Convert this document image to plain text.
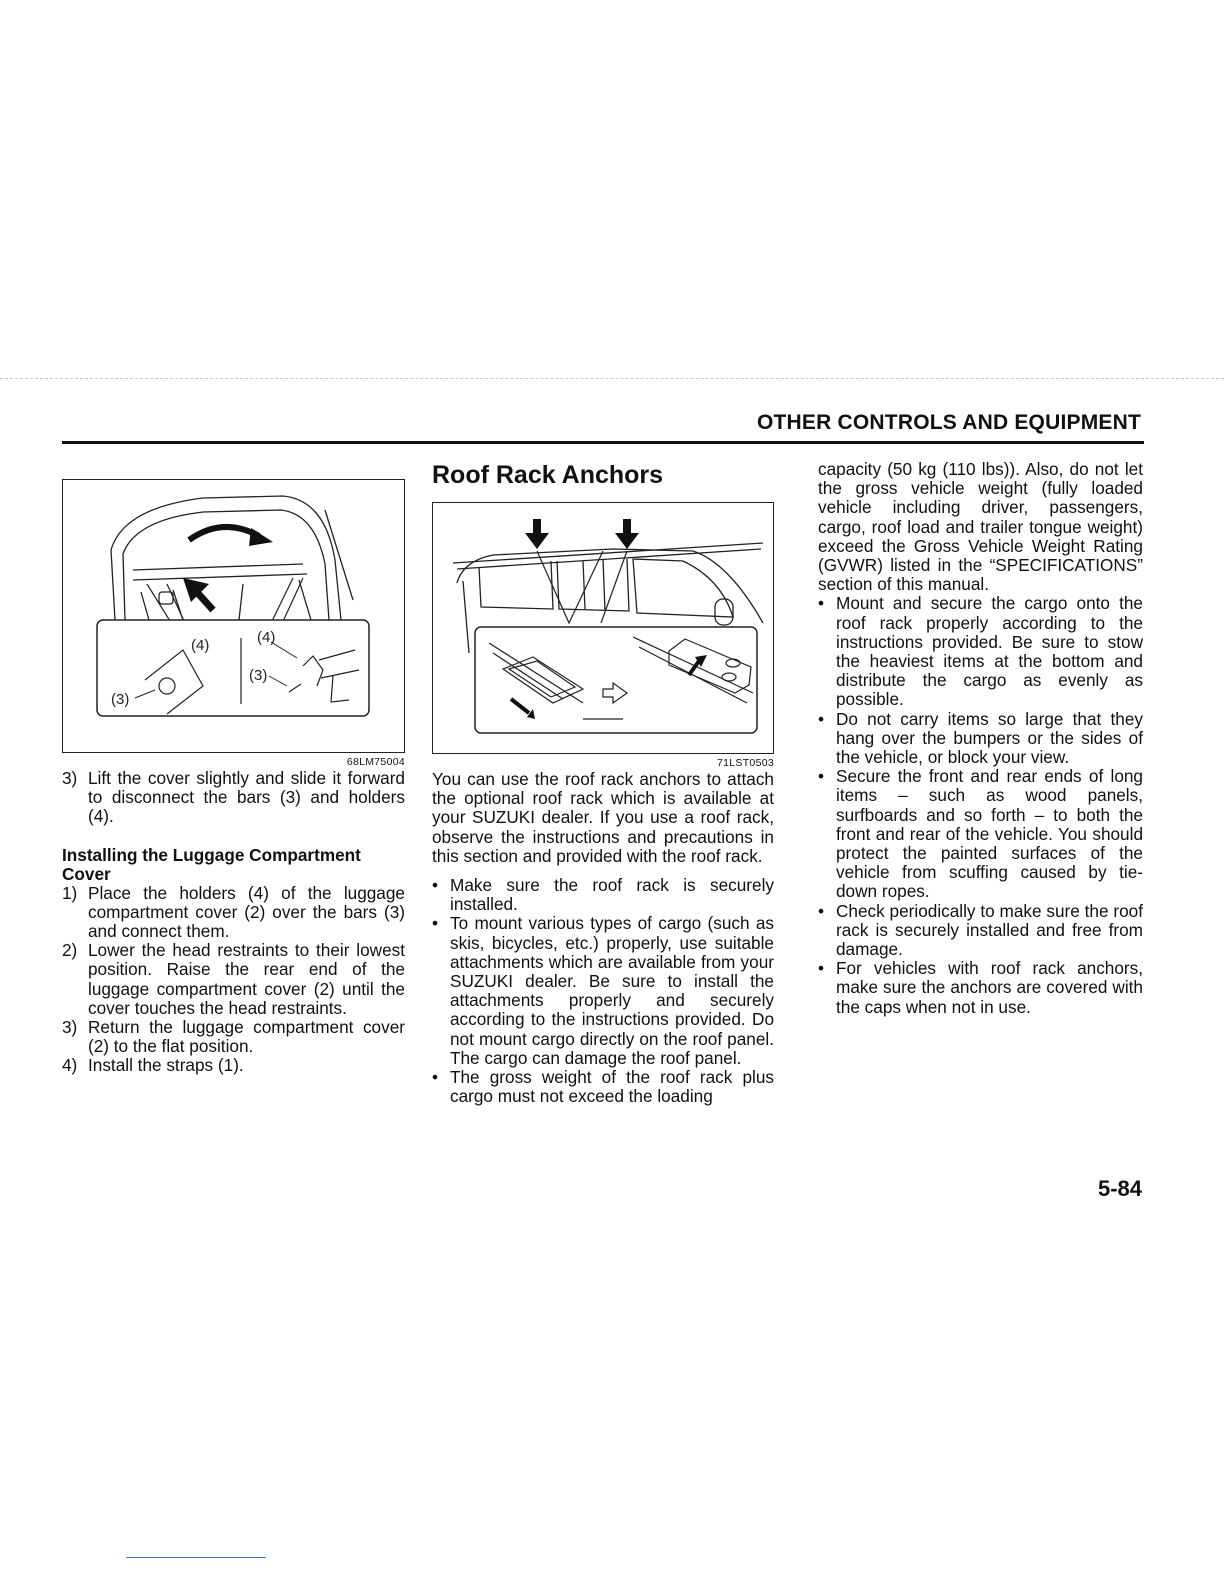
OTHER CONTROLS AND EQUIPMENT
(4)	(4)
(3)
(3)
68LM75004
3) Lift the cover slightly and slide it forward to disconnect the bars (3) and holders (4).
Installing the Luggage Compartment Cover
1) Place the holders (4) of the luggage compartment cover (2) over the bars (3) and connect them.
2) Lower the head restraints to their lowest position. Raise the rear end of the luggage compartment cover (2) until the cover touches the head restraints.
3) Return the luggage compartment cover (2) to the flat position.
4) Install the straps (1).
Roof Rack Anchors
71LST0503

You can use the roof rack anchors to attach the optional roof rack which is available at your SUZUKI dealer. If you use a roof rack, observe the instructions and precautions in this section and provided with the roof rack.

• Make sure the roof rack is securely installed.
• To mount various types of cargo (such as skis, bicycles, etc.) properly, use suitable attachments which are available from your SUZUKI dealer. Be sure to install the attachments properly and securely according to the instructions provided. Do not mount cargo directly on the roof panel. The cargo can damage the roof panel.
• The gross weight of the roof rack plus cargo must not exceed the loading

capacity (50 kg (110 lbs)). Also, do not let the gross vehicle weight (fully loaded vehicle including driver, passengers, cargo, roof load and trailer tongue weight) exceed the Gross Vehicle Weight Rating (GVWR) listed in the “SPECIFICATIONS” section of this manual.

• Mount and secure the cargo onto the roof rack properly according to the instructions provided. Be sure to stow the heaviest items at the bottom and distribute the cargo as evenly as possible.
• Do not carry items so large that they hang over the bumpers or the sides of the vehicle, or block your view.
• Secure the front and rear ends of long items – such as wood panels, surfboards and so forth – to both the front and rear of the vehicle. You should protect the painted surfaces of the vehicle from scuffing caused by tie-down ropes.
• Check periodically to make sure the roof rack is securely installed and free from damage.
• For vehicles with roof rack anchors, make sure the anchors are covered with the caps when not in use.
5-84
